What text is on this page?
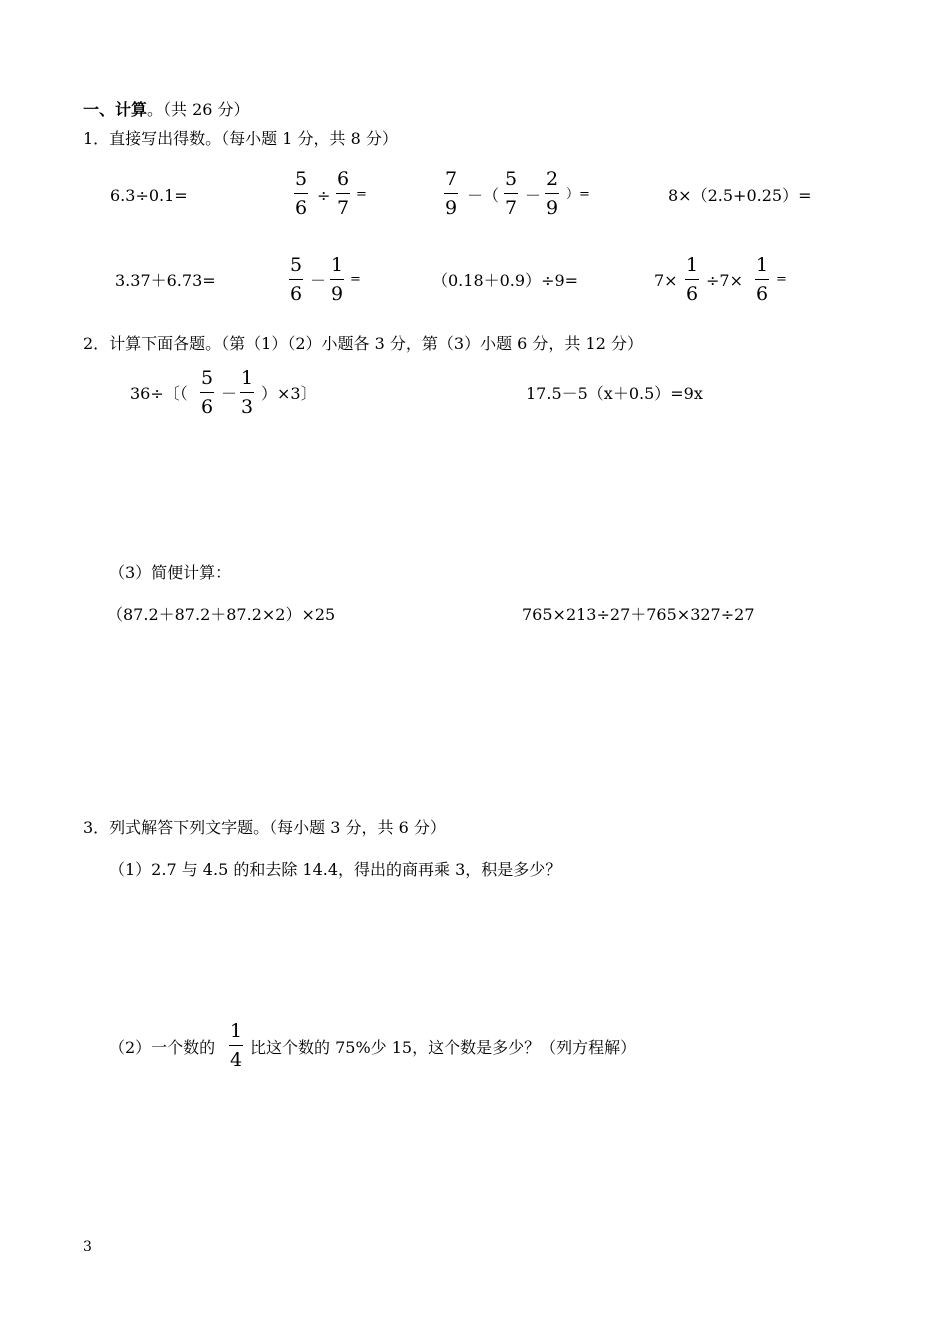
一、计算。（共 26 分）
1．直接写出得数。（每小题 1 分，共 8 分）
6.3÷0.1=
5
6
÷
6
7
=
7
9
－（
5
7
－
2
9
）=	8×（2.5+0.25）=
3.37＋6.73=
5
6
－
1
9
=	（0.18＋0.9）÷9=	7×
1
6
÷7×
1
6
=
2．计算下面各题。（第（1）（2）小题各 3 分，第（3）小题 6 分，共 12 分）
36÷〔（
5
6
－
1
3
）×3〕	17.5－5（x＋0.5）=9x
（3）简便计算：
（87.2＋87.2＋87.2×2）×25	765×213÷27＋765×327÷27
3．列式解答下列文字题。（每小题 3 分，共 6 分）
（1）2.7 与 4.5 的和去除 14.4，得出的商再乘 3，积是多少？
（2）一个数的
1
4
比这个数的 75%少 15，这个数是多少？（列方程解）
3
